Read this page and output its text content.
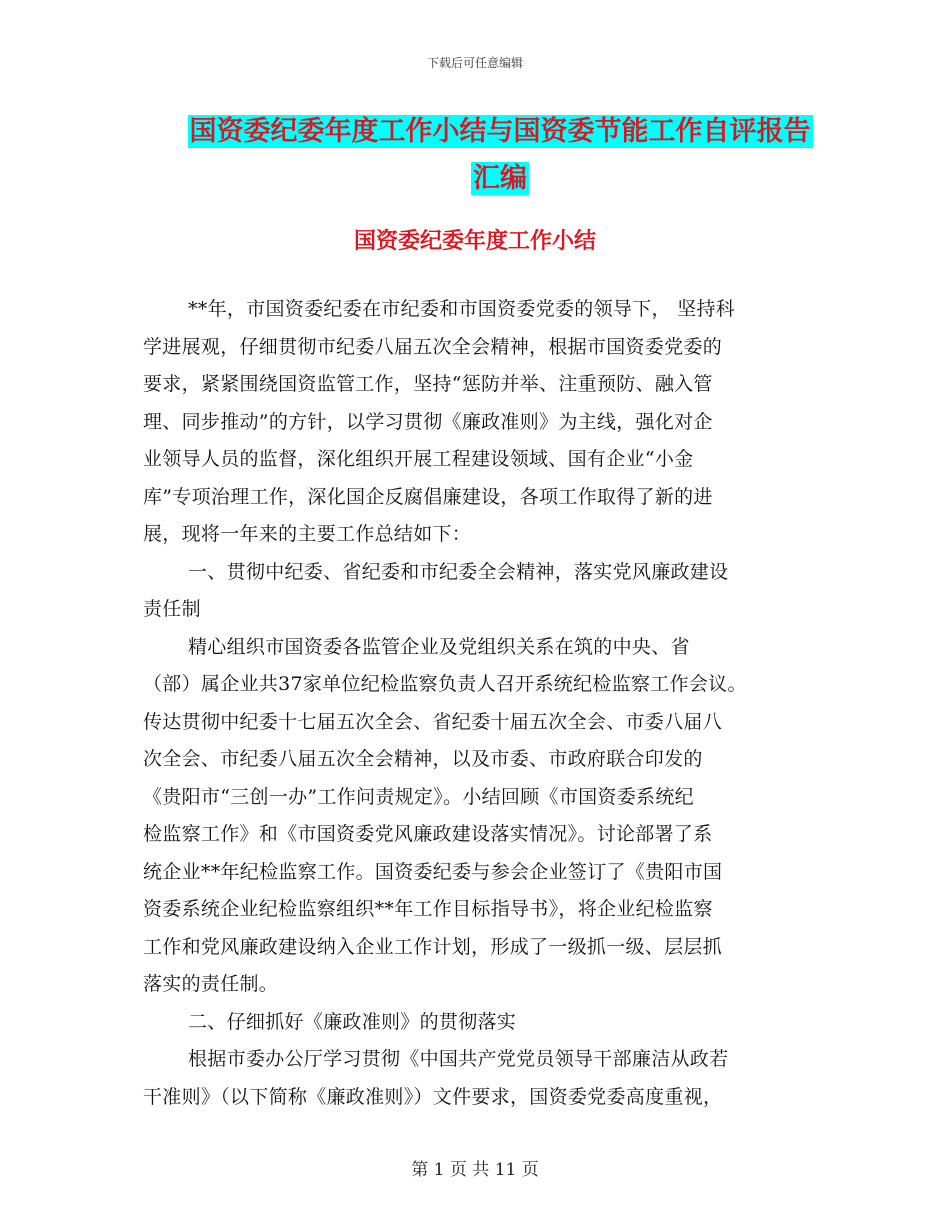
下载后可任意编辑
国资委纪委年度工作小结与国资委节能工作自评报告
汇编
国资委纪委年度工作小结
**年，市国资委纪委在市纪委和市国资委党委的领导下， 坚持科
学进展观，仔细贯彻市纪委八届五次全会精神，根据市国资委党委的
要求，紧紧围绕国资监管工作，坚持“惩防并举、注重预防、融入管
理、同步推动”的方针，以学习贯彻《廉政准则》为主线，强化对企
业领导人员的监督，深化组织开展工程建设领域、国有企业“小金
库”专项治理工作，深化国企反腐倡廉建设，各项工作取得了新的进
展，现将一年来的主要工作总结如下：
一、贯彻中纪委、省纪委和市纪委全会精神，落实党风廉政建设
责任制
精心组织市国资委各监管企业及党组织关系在筑的中央、省
（部）属企业共37家单位纪检监察负责人召开系统纪检监察工作会议。
传达贯彻中纪委十七届五次全会、省纪委十届五次全会、市委八届八
次全会、市纪委八届五次全会精神，以及市委、市政府联合印发的
《贵阳市“三创一办”工作问责规定》。小结回顾《市国资委系统纪
检监察工作》和《市国资委党风廉政建设落实情况》。讨论部署了系
统企业**年纪检监察工作。国资委纪委与参会企业签订了《贵阳市国
资委系统企业纪检监察组织**年工作目标指导书》，将企业纪检监察
工作和党风廉政建设纳入企业工作计划，形成了一级抓一级、层层抓
落实的责任制。
二、仔细抓好《廉政准则》的贯彻落实
根据市委办公厅学习贯彻《中国共产党党员领导干部廉洁从政若
干准则》（以下简称《廉政准则》）文件要求，国资委党委高度重视，
第 1 页 共 11 页
